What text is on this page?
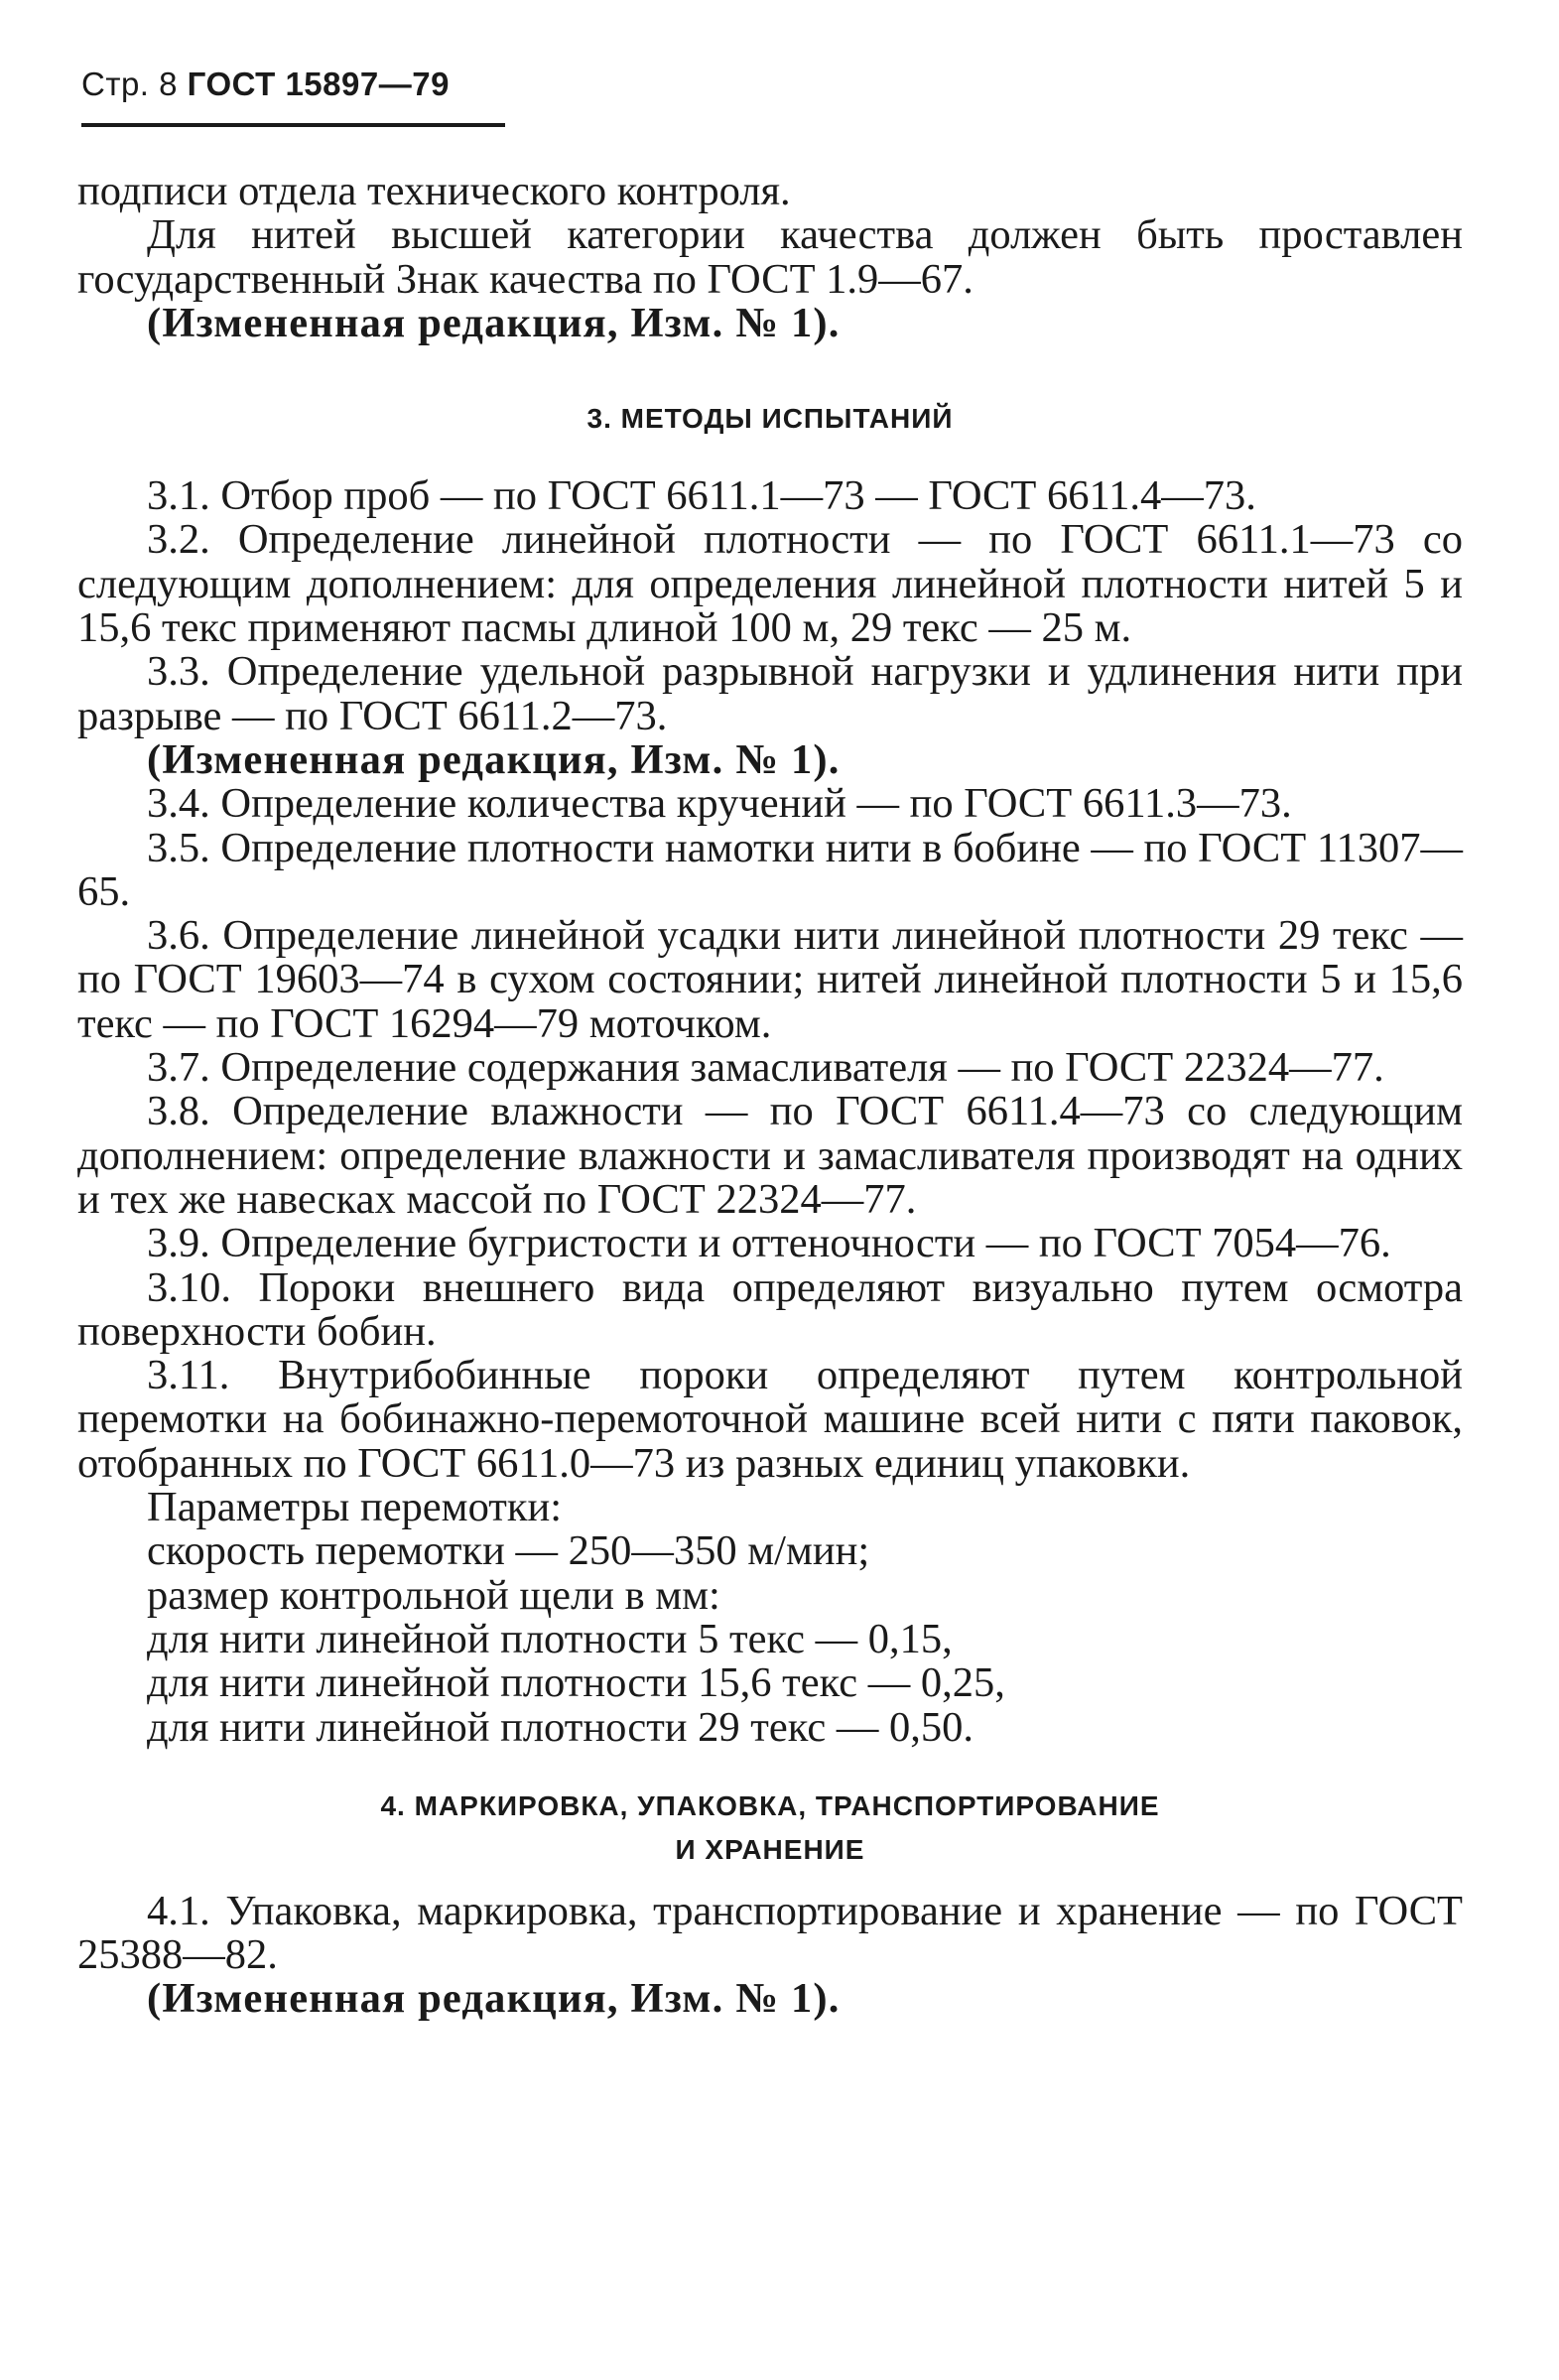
Стр. 8 ГОСТ 15897—79

подписи отдела технического контроля.

Для нитей высшей категории качества должен быть проставлен государственный Знак качества по ГОСТ 1.9—67.

(Измененная редакция, Изм. № 1).

3. МЕТОДЫ ИСПЫТАНИЙ

3.1. Отбор проб — по ГОСТ 6611.1—73 — ГОСТ 6611.4—73.

3.2. Определение линейной плотности — по ГОСТ 6611.1—73 со следующим дополнением: для определения линейной плотности нитей 5 и 15,6 текс применяют пасмы длиной 100 м, 29 текс — 25 м.

3.3. Определение удельной разрывной нагрузки и удлинения нити при разрыве — по ГОСТ 6611.2—73.

(Измененная редакция, Изм. № 1).

3.4. Определение количества кручений — по ГОСТ 6611.3—73.

3.5. Определение плотности намотки нити в бобине — по ГОСТ 11307—65.

3.6. Определение линейной усадки нити линейной плотности 29 текс — по ГОСТ 19603—74 в сухом состоянии; нитей линейной плотности 5 и 15,6 текс — по ГОСТ 16294—79 моточком.

3.7. Определение содержания замасливателя — по ГОСТ 22324—77.

3.8. Определение влажности — по ГОСТ 6611.4—73 со следующим дополнением: определение влажности и замасливателя производят на одних и тех же навесках массой по ГОСТ 22324—77.

3.9. Определение бугристости и оттеночности — по ГОСТ 7054—76.

3.10. Пороки внешнего вида определяют визуально путем осмотра поверхности бобин.

3.11. Внутрибобинные пороки определяют путем контрольной перемотки на бобинажно-перемоточной машине всей нити с пяти паковок, отобранных по ГОСТ 6611.0—73 из разных единиц упаковки.

Параметры перемотки:
скорость перемотки — 250—350 м/мин;
размер контрольной щели в мм:
для нити линейной плотности 5 текс — 0,15,
для нити линейной плотности 15,6 текс — 0,25,
для нити линейной плотности 29 текс — 0,50.
4. МАРКИРОВКА, УПАКОВКА, ТРАНСПОРТИРОВАНИЕ
И ХРАНЕНИЕ

4.1. Упаковка, маркировка, транспортирование и хранение — по ГОСТ 25388—82.

(Измененная редакция, Изм. № 1).
